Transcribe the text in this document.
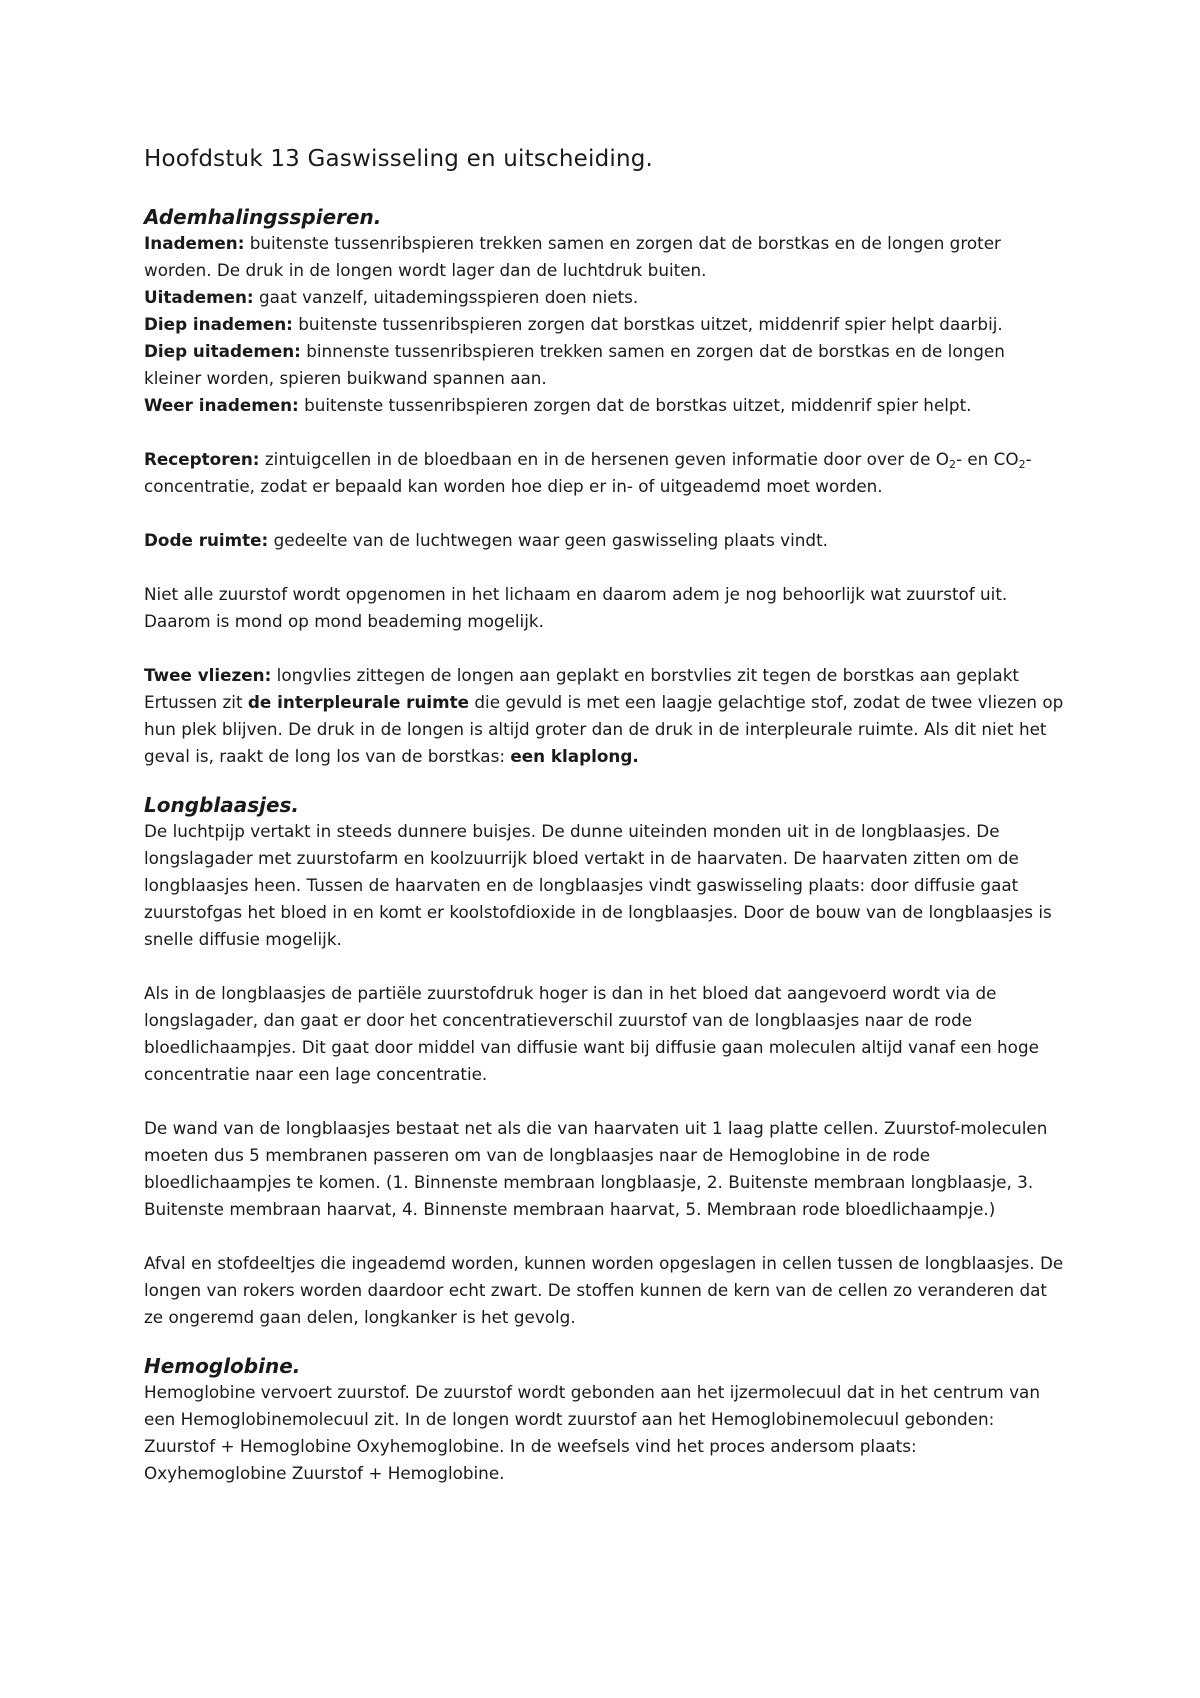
Hoofdstuk 13 Gaswisseling en uitscheiding.
Ademhalingsspieren.

Inademen: buitenste tussenribspieren trekken samen en zorgen dat de borstkas en de longen groter worden. De druk in de longen wordt lager dan de luchtdruk buiten.

Uitademen: gaat vanzelf, uitademingsspieren doen niets.

Diep inademen: buitenste tussenribspieren zorgen dat borstkas uitzet, middenrif spier helpt daarbij.

Diep uitademen: binnenste tussenribspieren trekken samen en zorgen dat de borstkas en de longen kleiner worden, spieren buikwand spannen aan.

Weer inademen: buitenste tussenribspieren zorgen dat de borstkas uitzet, middenrif spier helpt.

Receptoren: zintuigcellen in de bloedbaan en in de hersenen geven informatie door over de $O_2-$ en $CO_2-$ concentratie, zodat er bepaald kan worden hoe diep er in- of uitgeademd moet worden.

Dode ruimte: gedeelte van de luchtwegen waar geen gaswisseling plaats vindt.

Niet alle zuurstof wordt opgenomen in het lichaam en daarom adem je nog behoorlijk wat zuurstof uit. Daarom is mond op mond beademing mogelijk.

Twee vliezen: longvlies zittegen de longen aan geplakt en borstvlies zit tegen de borstkas aan geplakt Ertussen zit de interpleurale ruimte die gevuld is met een laagje gelachtige stof, zodat de twee vliezen op hun plek blijven. De druk in de longen is altijd groter dan de druk in de interpleurale ruimte. Als dit niet het geval is, raakt de long los van de borstkas: een klaplong.

Longblaasjes.

De luchtpijp vertakt in steeds dunnere buisjes. De dunne uiteinden monden uit in de longblaasjes. De longslagader met zuurstofarm en koolzuurrijk bloed vertakt in de haarvaten. De haarvaten zitten om de longblaasjes heen. Tussen de haarvaten en de longblaasjes vindt gaswisseling plaats: door diffusie gaat zuurstofgas het bloed in en komt er koolstofdioxide in de longblaasjes. Door de bouw van de longblaasjes is snelle diffusie mogelijk.

Als in de longblaasjes de partiële zuurstofdruk hoger is dan in het bloed dat aangevoerd wordt via de longslagader, dan gaat er door het concentratieverschil zuurstof van de longblaasjes naar de rode bloedlichaampjes. Dit gaat door middel van diffusie want bij diffusie gaan moleculen altijd vanaf een hoge concentratie naar een lage concentratie.

De wand van de longblaasjes bestaat net als die van haarvaten uit 1 laag platte cellen. Zuurstof-moleculen moeten dus 5 membranen passeren om van de longblaasjes naar de Hemoglobine in de rode bloedlichaampjes te komen. (1. Binnenste membraan longblaasje, 2. Buitenste membraan longblaasje, 3. Buitenste membraan haarvat, 4. Binnenste membraan haarvat, 5. Membraan rode bloedlichaampje.)

Afval en stofdeeltjes die ingeademd worden, kunnen worden opgeslagen in cellen tussen de longblaasjes. De longen van rokers worden daardoor echt zwart. De stoffen kunnen de kern van de cellen zo veranderen dat ze ongeremd gaan delen, longkanker is het gevolg.

Hemoglobine.

Hemoglobine vervoert zuurstof. De zuurstof wordt gebonden aan het ijzermolecuul dat in het centrum van een Hemoglobinemolecuul zit. In de longen wordt zuurstof aan het Hemoglobinemolecuul gebonden: Zuurstof + Hemoglobine Oxyhemoglobine. In de weefsels vind het proces andersom plaats: Oxyhemoglobine Zuurstof + Hemoglobine.
